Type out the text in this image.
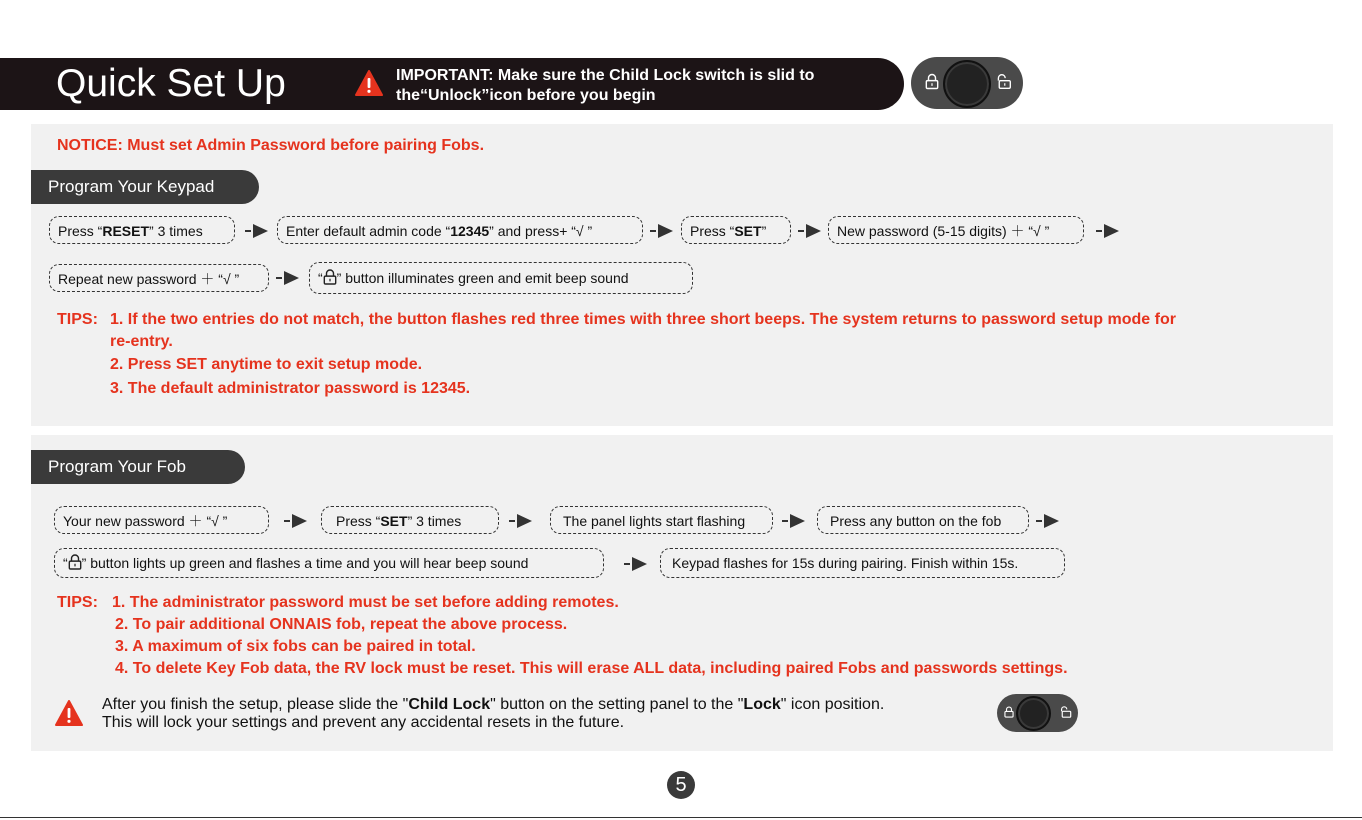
Quick Set Up	IMPORTANT: Make sure the Child Lock switch is slid to
the“Unlock”icon before you begin
NOTICE: Must set Admin Password before pairing Fobs.
Program Your Keypad
Press “RESET” 3 times	Enter default admin code “12345” and press+ “√ ”	Press “SET”	New password (5-15 digits) ＋ “√ ”
Repeat new password ＋ “√ ”	“ ” button illuminates green and emit beep sound
TIPS: 1. If the two entries do not match, the button flashes red three times with three short beeps. The system returns to password setup mode for
re-entry.
2. Press SET anytime to exit setup mode.
3. The default administrator password is 12345.
Program Your Fob
Your new password ＋ “√ ”	Press “SET” 3 times	The panel lights start flashing	Press any button on the fob
“ ” button lights up green and flashes a time and you will hear beep sound	Keypad flashes for 15s during pairing. Finish within 15s.
TIPS: 1. The administrator password must be set before adding remotes.
2. To pair additional ONNAIS fob, repeat the above process.
3. A maximum of six fobs can be paired in total.
4. To delete Key Fob data, the RV lock must be reset. This will erase ALL data, including paired Fobs and passwords settings.
After you finish the setup, please slide the "Child Lock" button on the setting panel to the "Lock" icon position.
This will lock your settings and prevent any accidental resets in the future.
5
